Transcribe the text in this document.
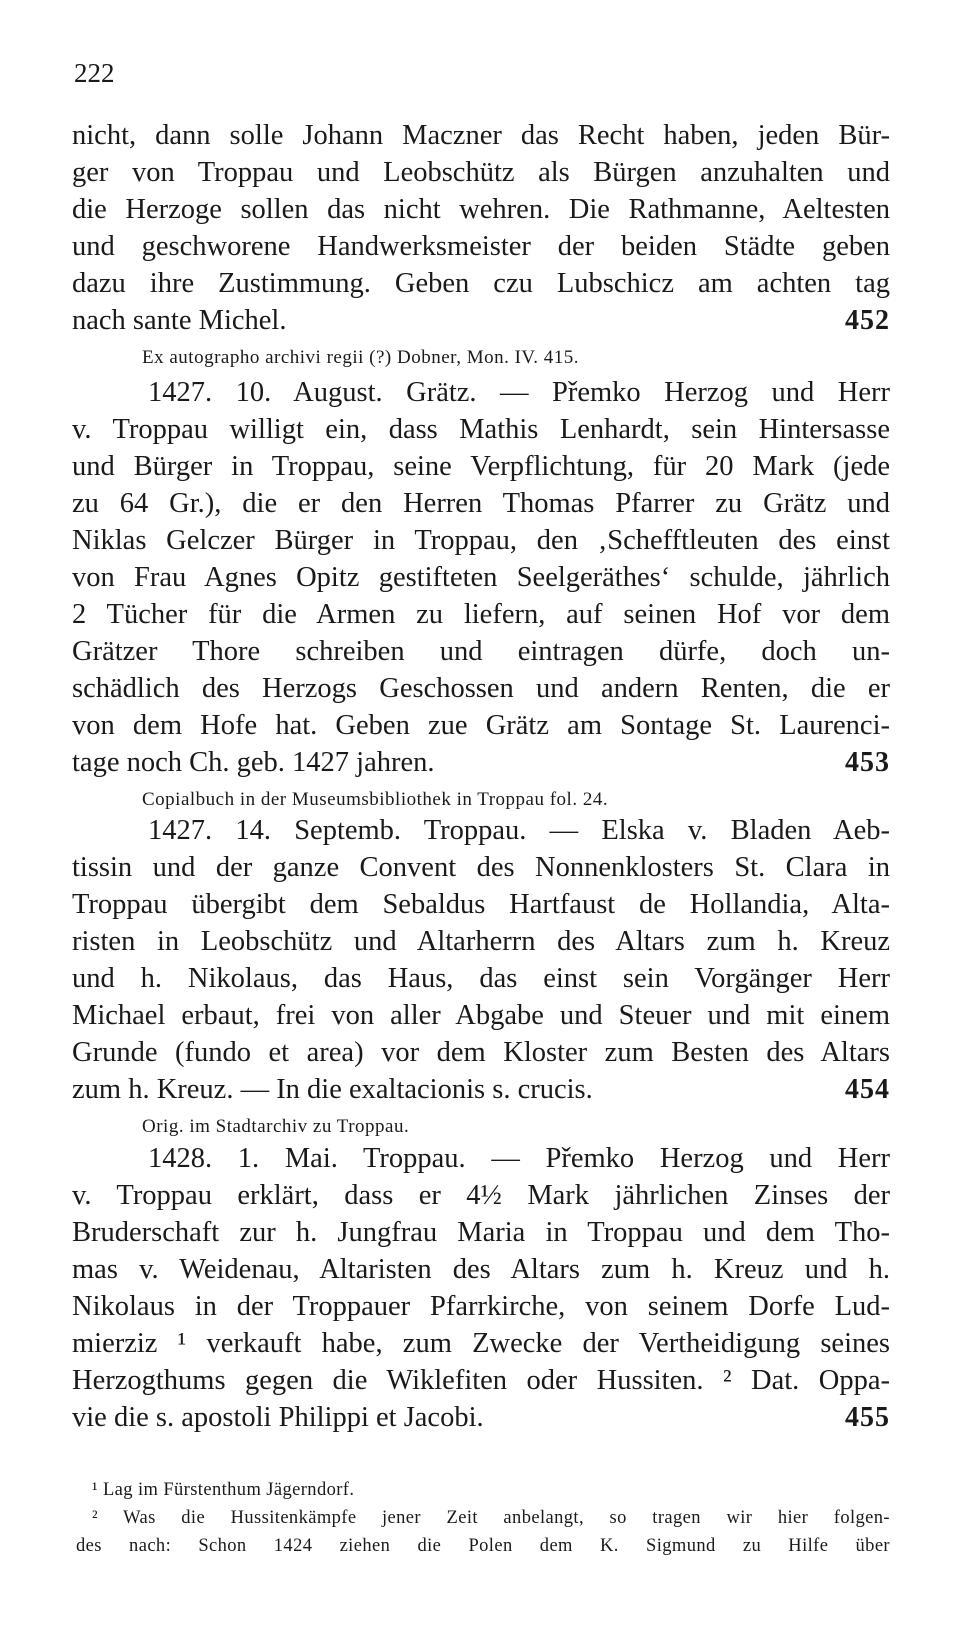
222
nicht, dann solle Johann Maczner das Recht haben, jeden Bür-
ger von Troppau und Leobschütz als Bürgen anzuhalten und
die Herzoge sollen das nicht wehren. Die Rathmanne, Aeltesten
und geschworene Handwerksmeister der beiden Städte geben
dazu ihre Zustimmung. Geben czu Lubschicz am achten tag
nach sante Michel.	452
Ex autographo archivi regii (?) Dobner, Mon. IV. 415.
1427. 10. August. Grätz. — Přemko Herzog und Herr
v. Troppau willigt ein, dass Mathis Lenhardt, sein Hintersasse
und Bürger in Troppau, seine Verpflichtung, für 20 Mark (jede
zu 64 Gr.), die er den Herren Thomas Pfarrer zu Grätz und
Niklas Gelczer Bürger in Troppau, den ‚Schefftleuten des einst
von Frau Agnes Opitz gestifteten Seelgeräthes‘ schulde, jährlich
2 Tücher für die Armen zu liefern, auf seinen Hof vor dem
Grätzer Thore schreiben und eintragen dürfe, doch un-
schädlich des Herzogs Geschossen und andern Renten, die er
von dem Hofe hat. Geben zue Grätz am Sontage St. Laurenci-
tage noch Ch. geb. 1427 jahren.	453
Copialbuch in der Museumsbibliothek in Troppau fol. 24.
1427. 14. Septemb. Troppau. — Elska v. Bladen Aeb-
tissin und der ganze Convent des Nonnenklosters St. Clara in
Troppau übergibt dem Sebaldus Hartfaust de Hollandia, Alta-
risten in Leobschütz und Altarherrn des Altars zum h. Kreuz
und h. Nikolaus, das Haus, das einst sein Vorgänger Herr
Michael erbaut, frei von aller Abgabe und Steuer und mit einem
Grunde (fundo et area) vor dem Kloster zum Besten des Altars
zum h. Kreuz. — In die exaltacionis s. crucis.	454
Orig. im Stadtarchiv zu Troppau.
1428. 1. Mai. Troppau. — Přemko Herzog und Herr
v. Troppau erklärt, dass er 4½ Mark jährlichen Zinses der
Bruderschaft zur h. Jungfrau Maria in Troppau und dem Tho-
mas v. Weidenau, Altaristen des Altars zum h. Kreuz und h.
Nikolaus in der Troppauer Pfarrkirche, von seinem Dorfe Lud-
mierziz ¹ verkauft habe, zum Zwecke der Vertheidigung seines
Herzogthums gegen die Wiklefiten oder Hussiten. ² Dat. Oppa-
vie die s. apostoli Philippi et Jacobi.	455
¹ Lag im Fürstenthum Jägerndorf.
² Was die Hussitenkämpfe jener Zeit anbelangt, so tragen wir hier folgen-
des nach: Schon 1424 ziehen die Polen dem K. Sigmund zu Hilfe über
